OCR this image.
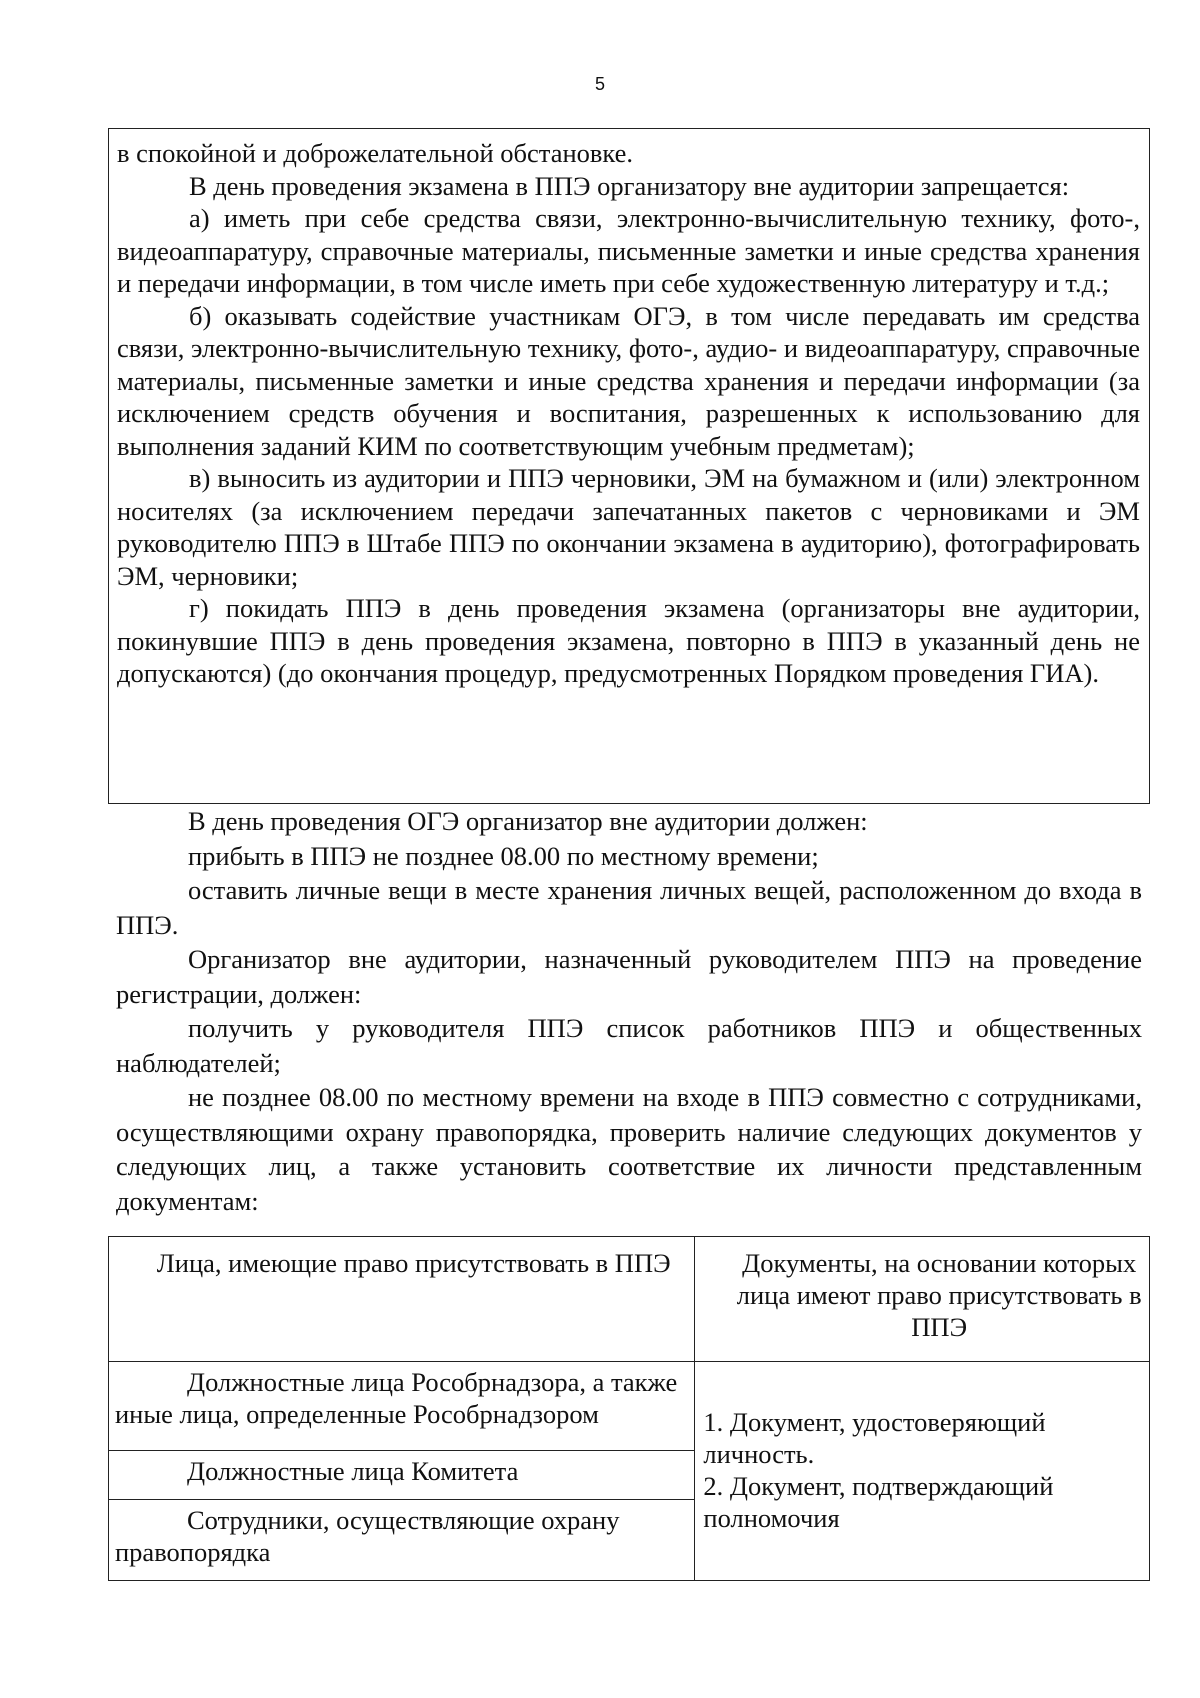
5

в спокойной и доброжелательной обстановке.

В день проведения экзамена в ППЭ организатору вне аудитории запрещается:

а) иметь при себе средства связи, электронно-вычислительную технику, фото-, видеоаппаратуру, справочные материалы, письменные заметки и иные средства хранения и передачи информации, в том числе иметь при себе художественную литературу и т.д.;

б) оказывать содействие участникам ОГЭ, в том числе передавать им средства связи, электронно-вычислительную технику, фото-, аудио- и видеоаппаратуру, справочные материалы, письменные заметки и иные средства хранения и передачи информации (за исключением средств обучения и воспитания, разрешенных к использованию для выполнения заданий КИМ по соответствующим учебным предметам);

в) выносить из аудитории и ППЭ черновики, ЭМ на бумажном и (или) электронном носителях (за исключением передачи запечатанных пакетов с черновиками и ЭМ руководителю ППЭ в Штабе ППЭ по окончании экзамена в аудиторию), фотографировать ЭМ, черновики;

г) покидать ППЭ в день проведения экзамена (организаторы вне аудитории, покинувшие ППЭ в день проведения экзамена, повторно в ППЭ в указанный день не допускаются) (до окончания процедур, предусмотренных Порядком проведения ГИА).

В день проведения ОГЭ организатор вне аудитории должен:

прибыть в ППЭ не позднее 08.00 по местному времени;

оставить личные вещи в месте хранения личных вещей, расположенном до входа в ППЭ.

Организатор вне аудитории, назначенный руководителем ППЭ на проведение регистрации, должен:

получить у руководителя ППЭ список работников ППЭ и общественных наблюдателей;

не позднее 08.00 по местному времени на входе в ППЭ совместно с сотрудниками, осуществляющими охрану правопорядка, проверить наличие следующих документов у следующих лиц, а также установить соответствие их личности представленным документам:

Лица, имеющие право присутствовать в ППЭ	Документы, на основании которых лица имеют право присутствовать в ППЭ
Должностные лица Рособрнадзора, а также иные лица, определенные Рособрнадзором	1. Документ, удостоверяющий личность.
2. Документ, подтверждающий полномочия

Должностные лица Комитета	
Сотрудники, осуществляющие охрану правопорядка	
